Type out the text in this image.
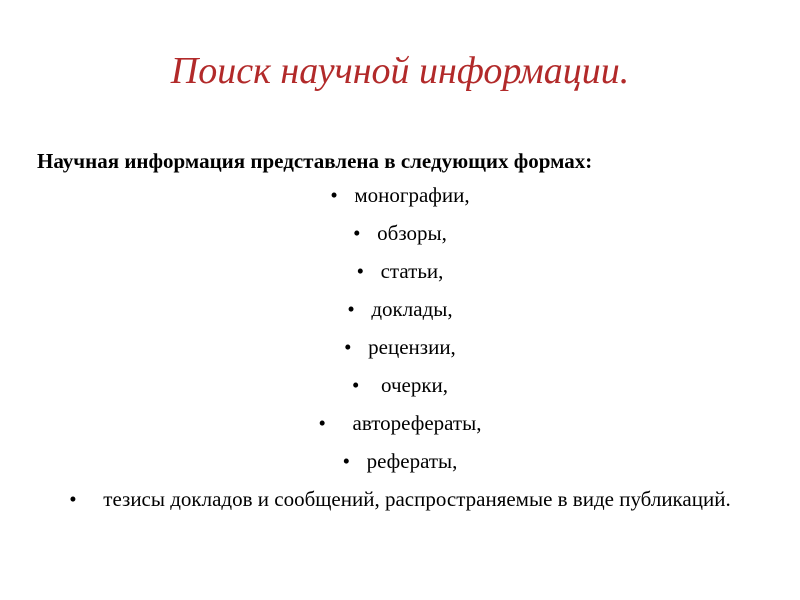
Поиск научной информации.
Научная информация представлена в следующих формах:
• монографии,
• обзоры,
• статьи,
• доклады,
• рецензии,
• очерки,
• авторефераты,
• рефераты,
• тезисы докладов и сообщений, распространяемые в виде публикаций.
